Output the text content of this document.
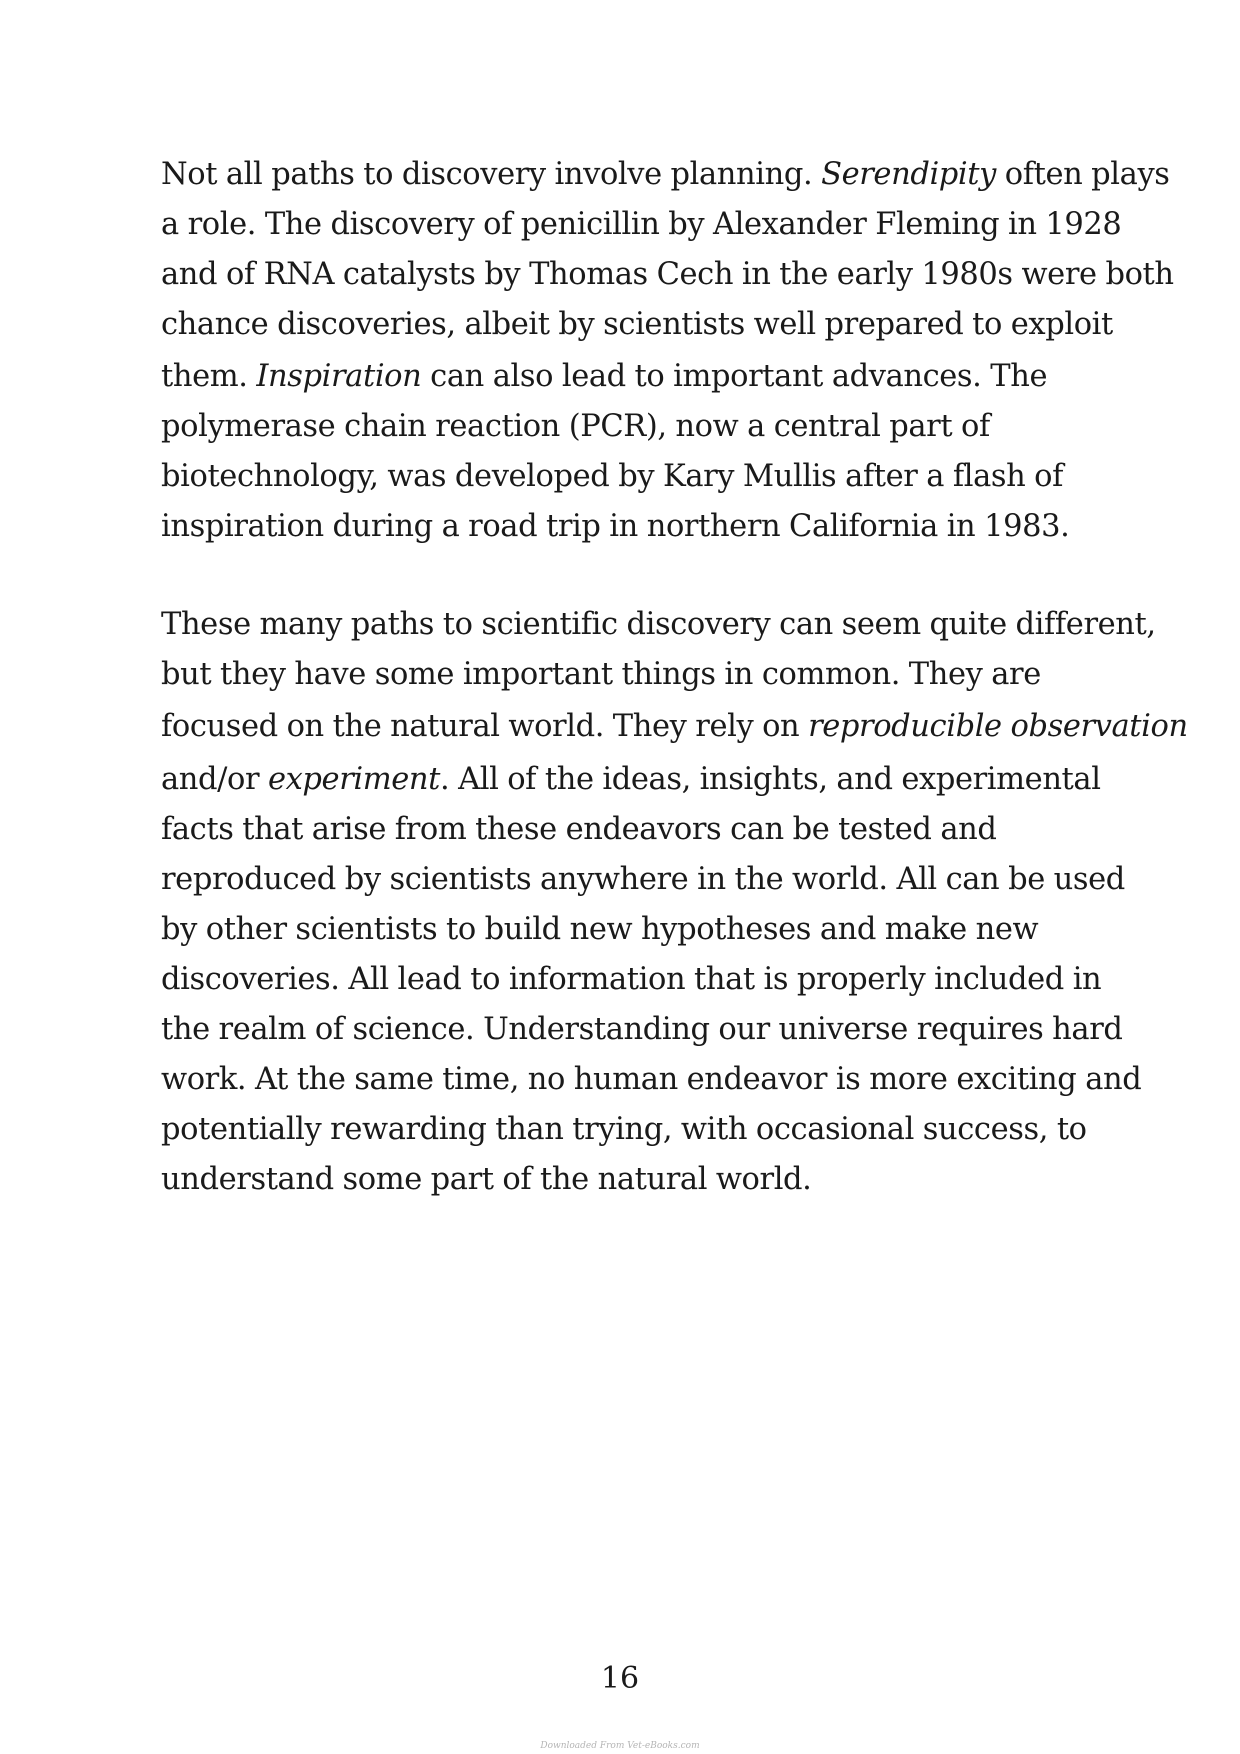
Not all paths to discovery involve planning. Serendipity often plays
a role. The discovery of penicillin by Alexander Fleming in 1928
and of RNA catalysts by Thomas Cech in the early 1980s were both
chance discoveries, albeit by scientists well prepared to exploit
them. Inspiration can also lead to important advances. The
polymerase chain reaction (PCR), now a central part of
biotechnology, was developed by Kary Mullis after a flash of
inspiration during a road trip in northern California in 1983.
These many paths to scientific discovery can seem quite different,
but they have some important things in common. They are
focused on the natural world. They rely on reproducible observation
and/or experiment. All of the ideas, insights, and experimental
facts that arise from these endeavors can be tested and
reproduced by scientists anywhere in the world. All can be used
by other scientists to build new hypotheses and make new
discoveries. All lead to information that is properly included in
the realm of science. Understanding our universe requires hard
work. At the same time, no human endeavor is more exciting and
potentially rewarding than trying, with occasional success, to
understand some part of the natural world.
16
Downloaded From Vet-eBooks.com
